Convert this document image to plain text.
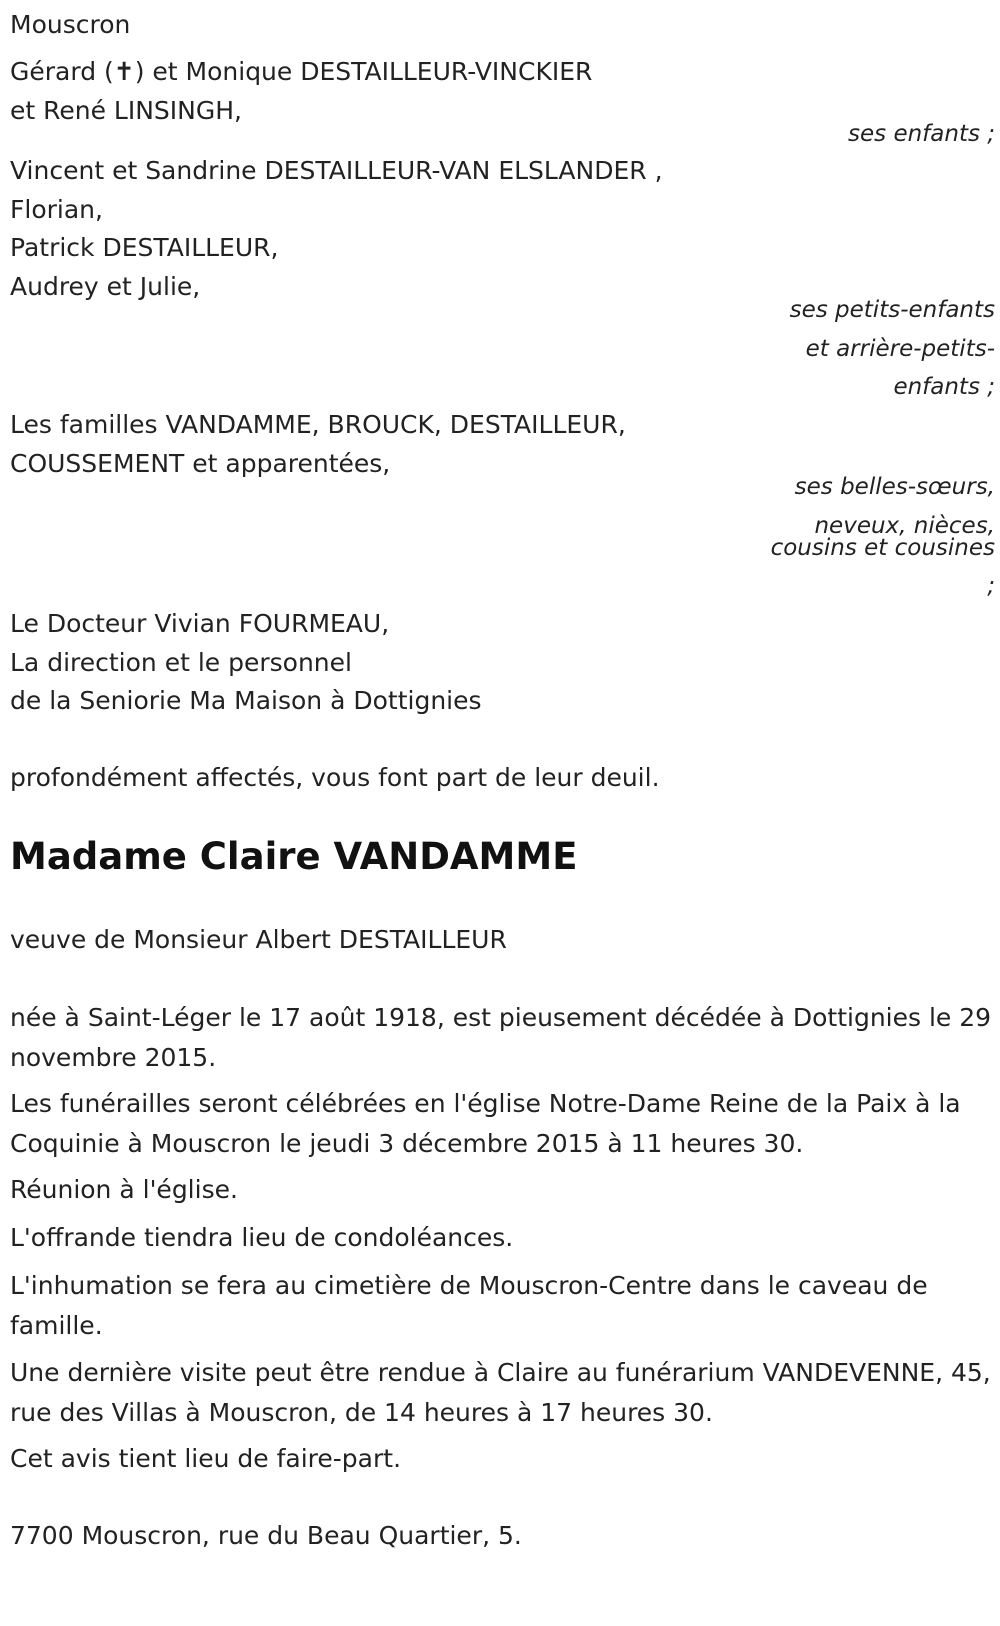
Mouscron

Gérard (✝) et Monique DESTAILLEUR-VINCKIER

et René LINSINGH,

ses enfants ;

Vincent et Sandrine DESTAILLEUR-VAN ELSLANDER ,

Florian,

Patrick DESTAILLEUR,

Audrey et Julie,

ses petits-enfants

et arrière-petits-

enfants ;

Les familles VANDAMME, BROUCK, DESTAILLEUR,

COUSSEMENT et apparentées,

ses belles-sœurs,

neveux, nièces,

cousins et cousines

;

Le Docteur Vivian FOURMEAU,

La direction et le personnel

de la Seniorie Ma Maison à Dottignies

profondément affectés, vous font part de leur deuil.

Madame Claire VANDAMME

veuve de Monsieur Albert DESTAILLEUR

née à Saint-Léger le 17 août 1918, est pieusement décédée à Dottignies le 29 novembre 2015.

Les funérailles seront célébrées en l'église Notre-Dame Reine de la Paix à la Coquinie à Mouscron le jeudi 3 décembre 2015 à 11 heures 30.

Réunion à l'église.

L'offrande tiendra lieu de condoléances.

L'inhumation se fera au cimetière de Mouscron-Centre dans le caveau de famille.

Une dernière visite peut être rendue à Claire au funérarium VANDEVENNE, 45, rue des Villas à Mouscron, de 14 heures à 17 heures 30.

Cet avis tient lieu de faire-part.

7700 Mouscron, rue du Beau Quartier, 5.
